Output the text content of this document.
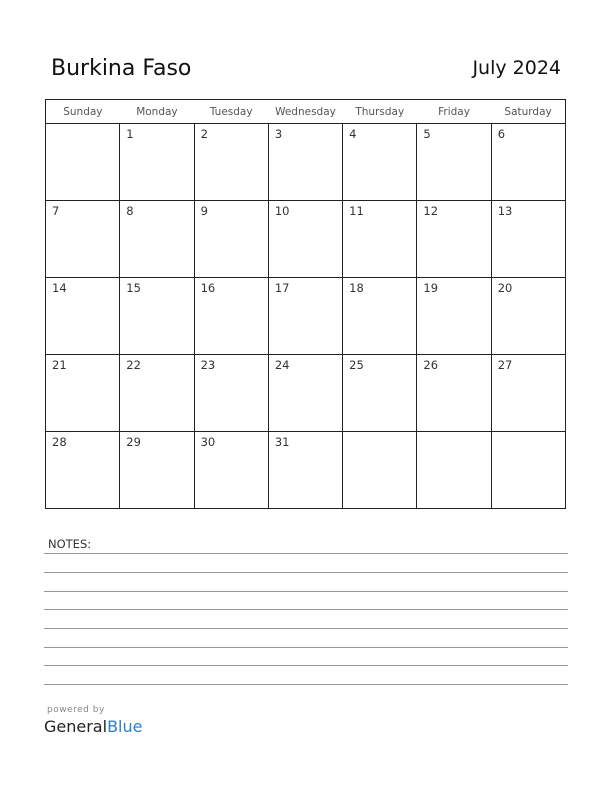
Burkina Faso	July 2024
Sunday	Monday	Tuesday	Wednesday	Thursday	Friday	Saturday

	1	2	3	4	5	6

7	8	9	10	11	12	13

14	15	16	17	18	19	20

21	22	23	24	25	26	27

28	29	30	31			

NOTES:
powered by
GeneralBlue
